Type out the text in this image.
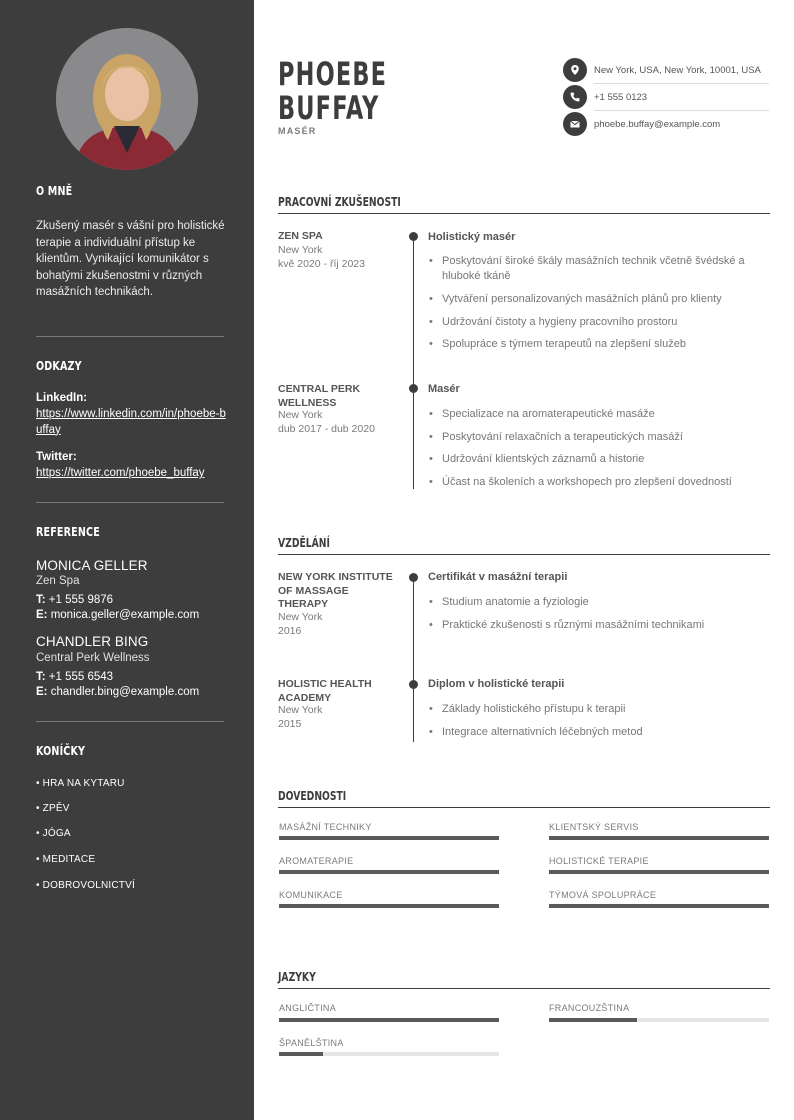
O MNĚ
Zkušený masér s vášní pro holistické terapie a individuální přístup ke klientům. Vynikající komunikátor s bohatými zkušenostmi v různých masážních technikách.
ODKAZY
LinkedIn:
https://www.linkedin.com/in/phoebe-buffay
Twitter:
https://twitter.com/phoebe_buffay
REFERENCE
MONICA GELLER
Zen Spa
T: +1 555 9876
E: monica.geller@example.com
CHANDLER BING
Central Perk Wellness
T: +1 555 6543
E: chandler.bing@example.com
KONÍČKY
• HRA NA KYTARU
• ZPĚV
• JÓGA
• MEDITACE
• DOBROVOLNICTVÍ
PHOEBE
BUFFAY
MASÉR
New York, USA, New York, 10001, USA
+1 555 0123
phoebe.buffay@example.com
PRACOVNÍ ZKUŠENOSTI
ZEN SPA
New York
kvě 2020 - říj 2023
Holistický masér
• Poskytování široké škály masážních technik včetně švédské a hluboké tkáně
• Vytváření personalizovaných masážních plánů pro klienty
• Udržování čistoty a hygieny pracovního prostoru
• Spolupráce s týmem terapeutů na zlepšení služeb
CENTRAL PERK WELLNESS
New York
dub 2017 - dub 2020
Masér
• Specializace na aromaterapeutické masáže
• Poskytování relaxačních a terapeutických masáží
• Udržování klientských záznamů a historie
• Účast na školeních a workshopech pro zlepšení dovedností
VZDĚLÁNÍ
NEW YORK INSTITUTE OF MASSAGE THERAPY
New York
2016
Certifikát v masážní terapii
• Studium anatomie a fyziologie
• Praktické zkušenosti s různými masážními technikami
HOLISTIC HEALTH ACADEMY
New York
2015
Diplom v holistické terapii
• Základy holistického přístupu k terapii
• Integrace alternativních léčebných metod
DOVEDNOSTI
MASÁŽNÍ TECHNIKY	KLIENTSKÝ SERVIS
AROMATERAPIE	HOLISTICKÉ TERAPIE
KOMUNIKACE	TÝMOVÁ SPOLUPRÁCE
JAZYKY
ANGLIČTINA	FRANCOUZŠTINA
ŠPANĚLŠTINA
